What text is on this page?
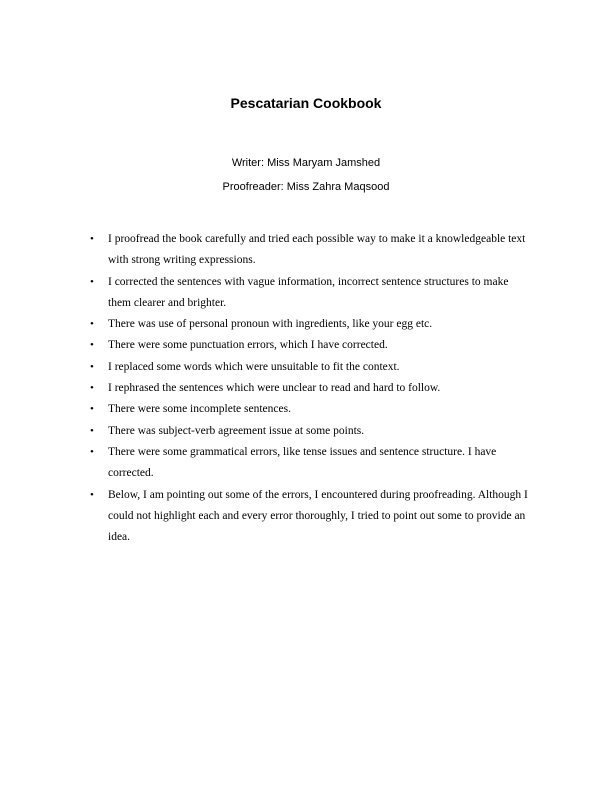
Pescatarian Cookbook
Writer: Miss Maryam Jamshed
Proofreader: Miss Zahra Maqsood
• I proofread the book carefully and tried each possible way to make it a knowledgeable text with strong writing expressions.
• I corrected the sentences with vague information, incorrect sentence structures to make them clearer and brighter.
• There was use of personal pronoun with ingredients, like your egg etc.
• There were some punctuation errors, which I have corrected.
• I replaced some words which were unsuitable to fit the context.
• I rephrased the sentences which were unclear to read and hard to follow.
• There were some incomplete sentences.
• There was subject-verb agreement issue at some points.
• There were some grammatical errors, like tense issues and sentence structure. I have corrected.
• Below, I am pointing out some of the errors, I encountered during proofreading. Although I could not highlight each and every error thoroughly, I tried to point out some to provide an idea.
